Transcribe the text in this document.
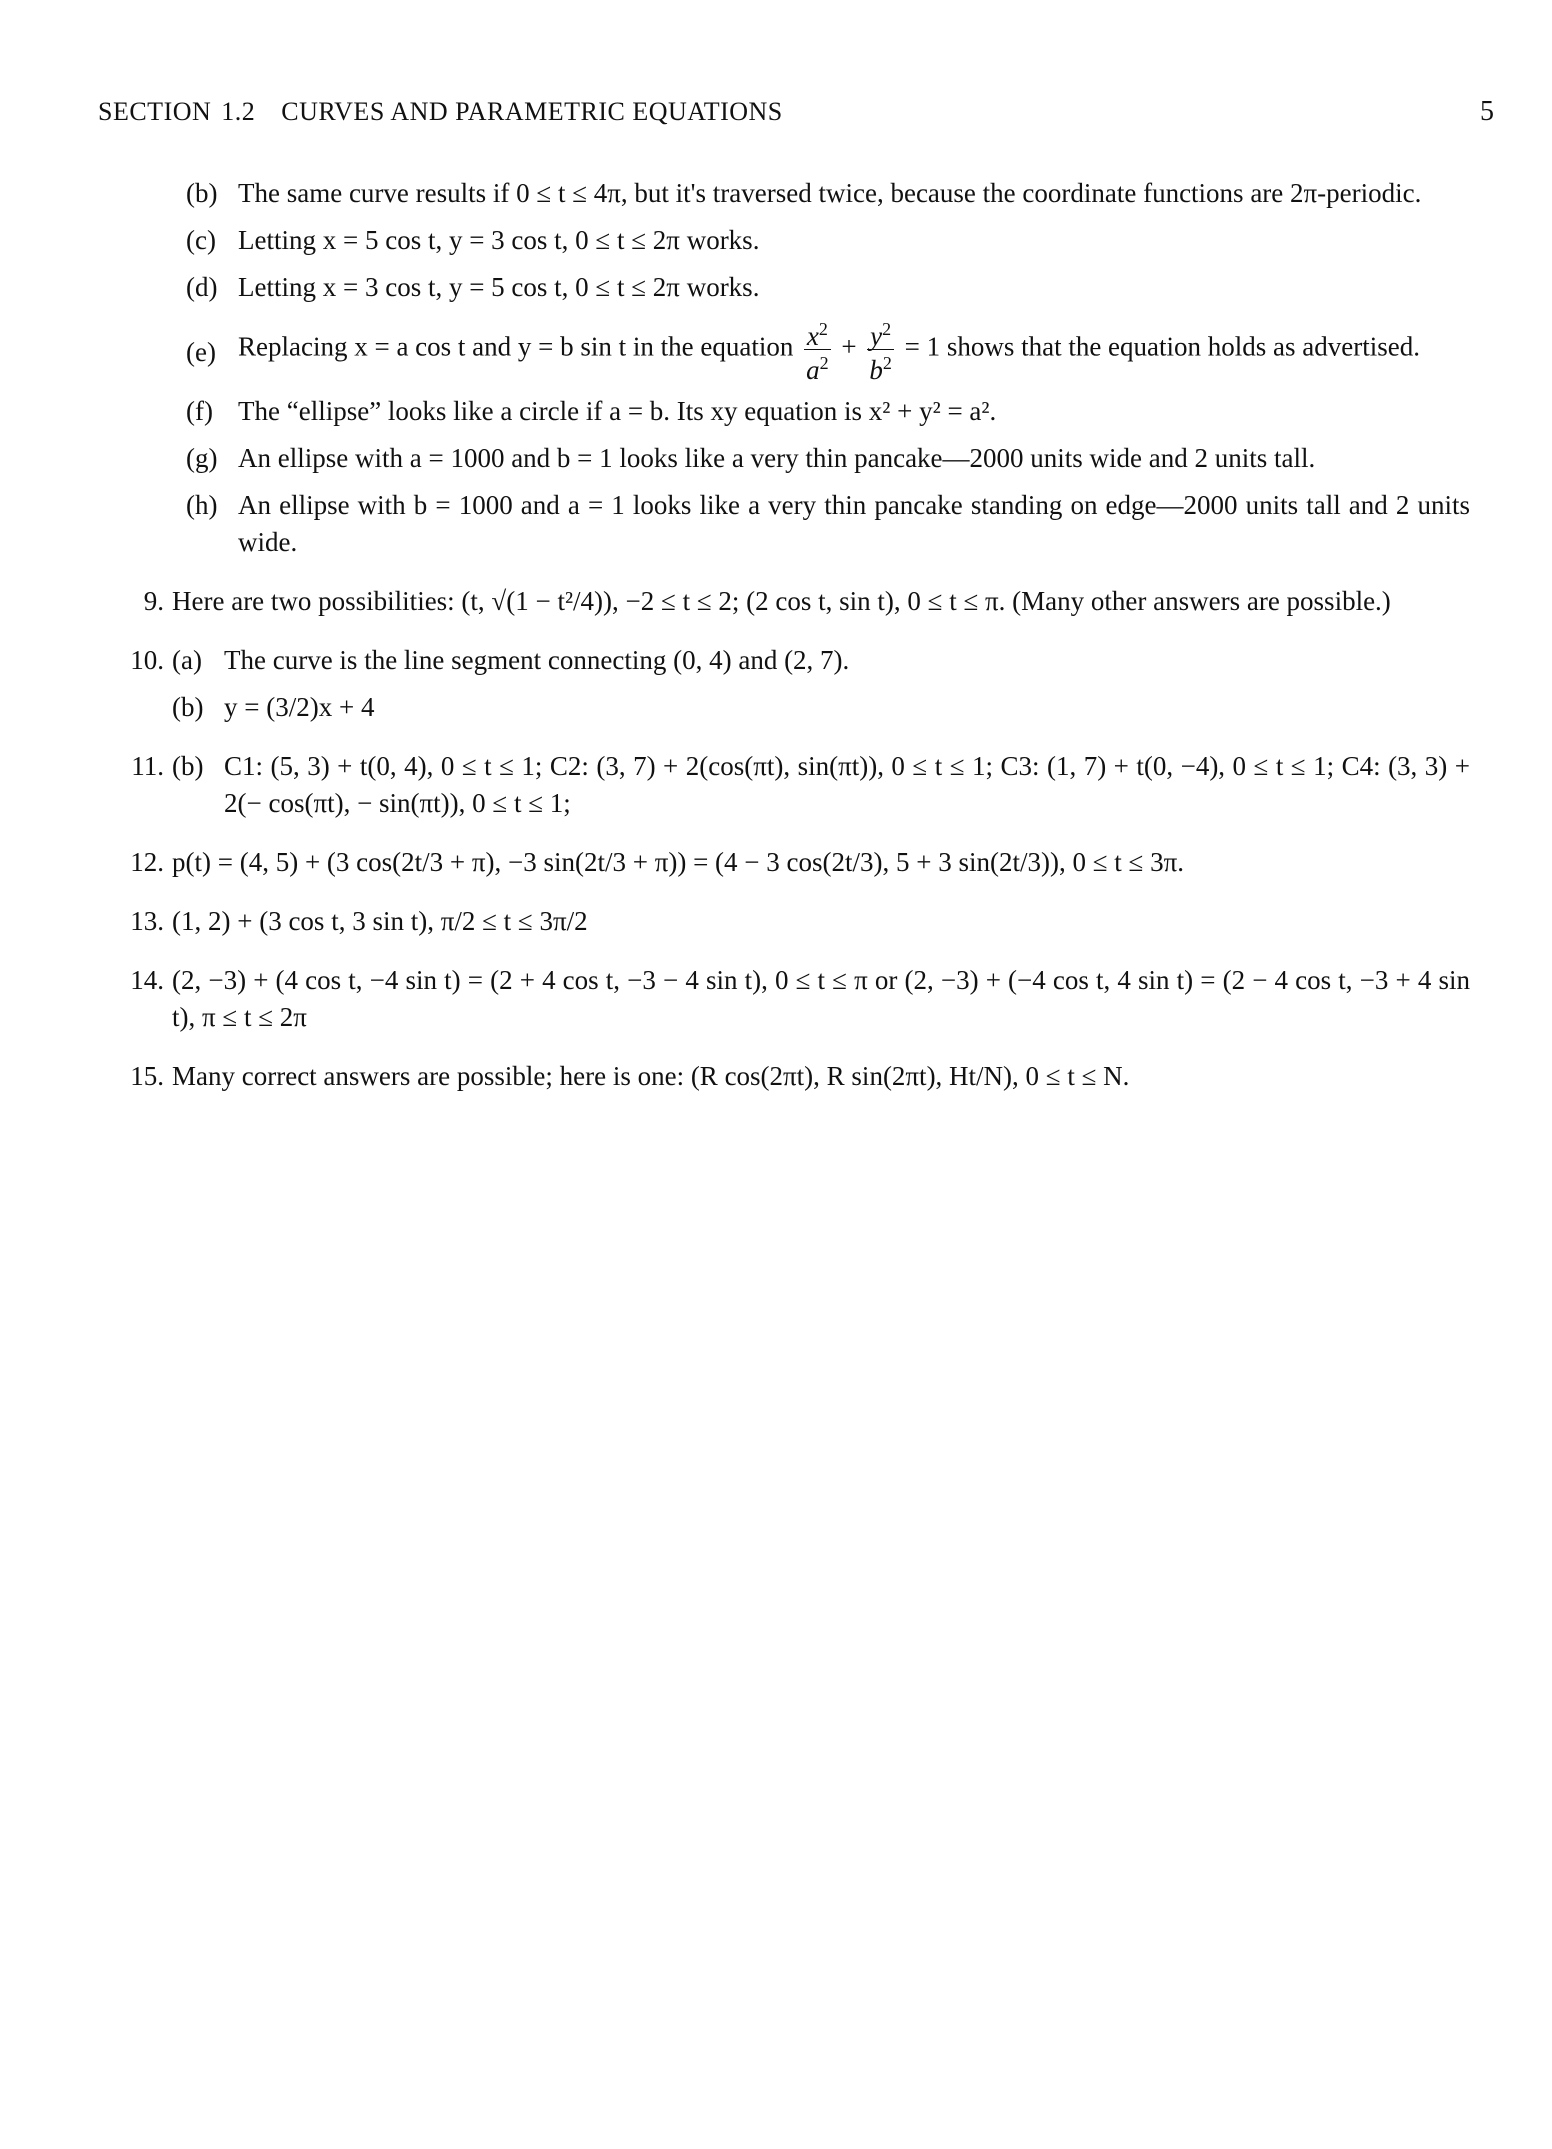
SECTION 1.2 CURVES AND PARAMETRIC EQUATIONS	5
(b) The same curve results if 0 ≤ t ≤ 4π, but it's traversed twice, because the coordinate functions are 2π-periodic.
(c) Letting x = 5 cos t, y = 3 cos t, 0 ≤ t ≤ 2π works.
(d) Letting x = 3 cos t, y = 5 cos t, 0 ≤ t ≤ 2π works.
(e) Replacing x = a cos t and y = b sin t in the equation $\frac{x^2}{a^2} + \frac{y^2}{b^2} = 1$ shows that the equation holds as advertised.
(f) The “ellipse” looks like a circle if a = b. Its xy equation is x² + y² = a².
(g) An ellipse with a = 1000 and b = 1 looks like a very thin pancake—2000 units wide and 2 units tall.
(h) An ellipse with b = 1000 and a = 1 looks like a very thin pancake standing on edge—2000 units tall and 2 units wide.
9. Here are two possibilities: (t, √(1 − t²/4)), −2 ≤ t ≤ 2; (2 cos t, sin t), 0 ≤ t ≤ π. (Many other answers are possible.)
10. (a) The curve is the line segment connecting (0, 4) and (2, 7).
(b) y = (3/2)x + 4
11. (b) C1: (5, 3) + t(0, 4), 0 ≤ t ≤ 1; C2: (3, 7) + 2(cos(πt), sin(πt)), 0 ≤ t ≤ 1; C3: (1, 7) + t(0, −4), 0 ≤ t ≤ 1; C4: (3, 3) + 2(− cos(πt), − sin(πt)), 0 ≤ t ≤ 1;
12. p(t) = (4, 5) + (3 cos(2t/3 + π), −3 sin(2t/3 + π)) = (4 − 3 cos(2t/3), 5 + 3 sin(2t/3)), 0 ≤ t ≤ 3π.
13. (1, 2) + (3 cos t, 3 sin t), π/2 ≤ t ≤ 3π/2
14. (2, −3) + (4 cos t, −4 sin t) = (2 + 4 cos t, −3 − 4 sin t), 0 ≤ t ≤ π or (2, −3) + (−4 cos t, 4 sin t) = (2 − 4 cos t, −3 + 4 sin t), π ≤ t ≤ 2π
15. Many correct answers are possible; here is one: (R cos(2πt), R sin(2πt), Ht/N), 0 ≤ t ≤ N.
